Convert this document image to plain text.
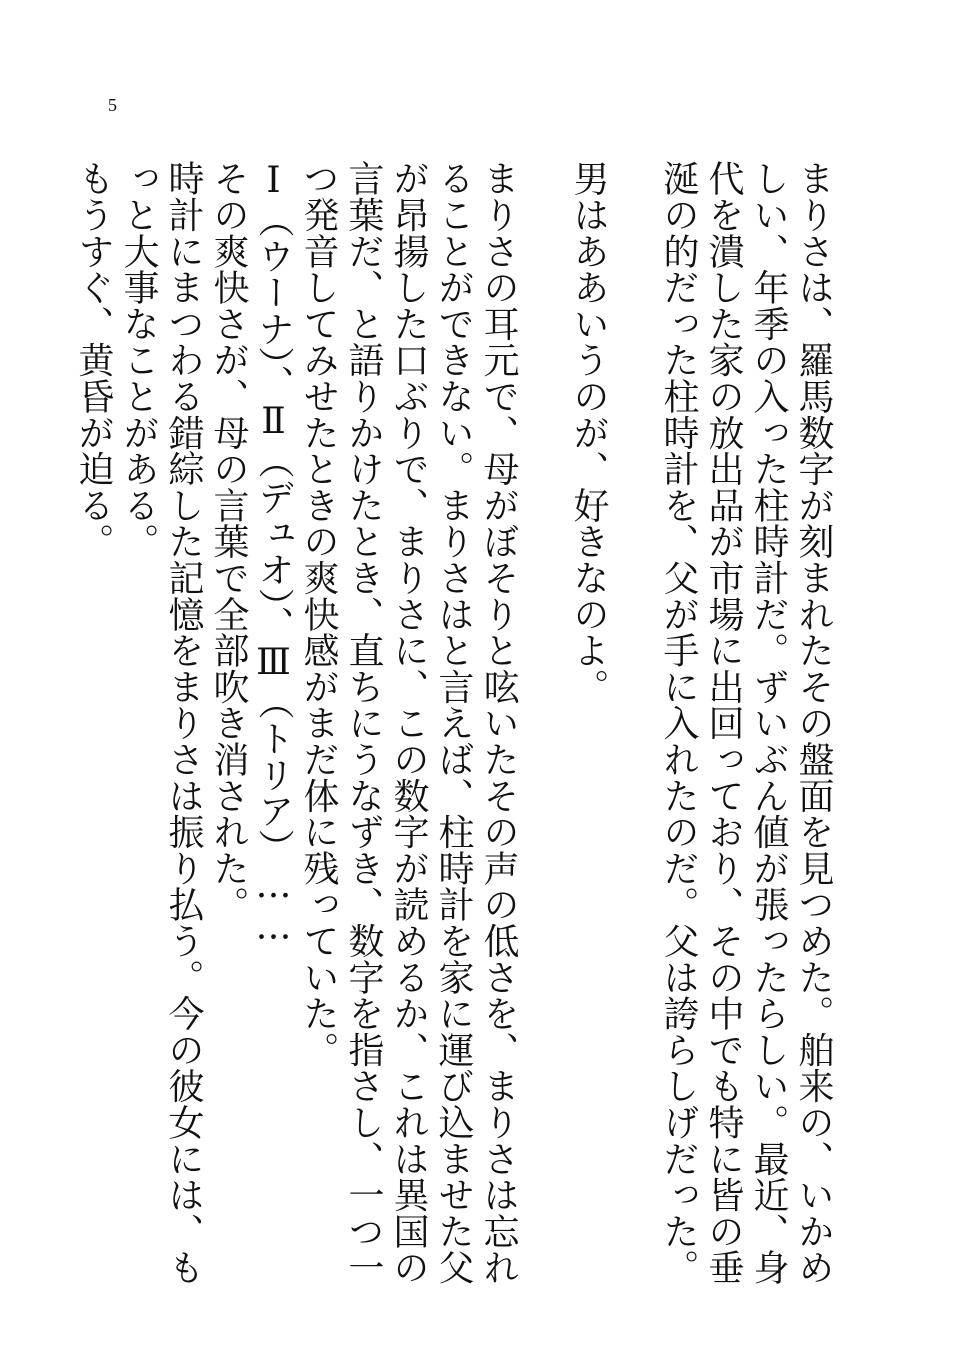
5

まりさは、羅馬数字が刻まれたその盤面を見つめた。舶来の、いかめしい、年季の入った柱時計だ。ずいぶん値が張ったらしい。最近、身代を潰した家の放出品が市場に出回っており、その中でも特に皆の垂涎の的だった柱時計を、父が手に入れたのだ。父は誇らしげだった。

男はああいうのが、好きなのよ。

まりさの耳元で、母がぼそりと呟いたその声の低さを、まりさは忘れることができない。まりさはと言えば、柱時計を家に運び込ませた父が昂揚した口ぶりで、まりさに、この数字が読めるか、これは異国の言葉だ、と語りかけたとき、直ちにうなずき、数字を指さし、一つ一つ発音してみせたときの爽快感がまだ体に残っていた。

Ⅰ（ウーナ）、Ⅱ（デュオ）、Ⅲ（トリア）……

その爽快さが、母の言葉で全部吹き消された。

時計にまつわる錯綜した記憶をまりさは振り払う。今の彼女には、もっと大事なことがある。

もうすぐ、黄昏が迫る。
